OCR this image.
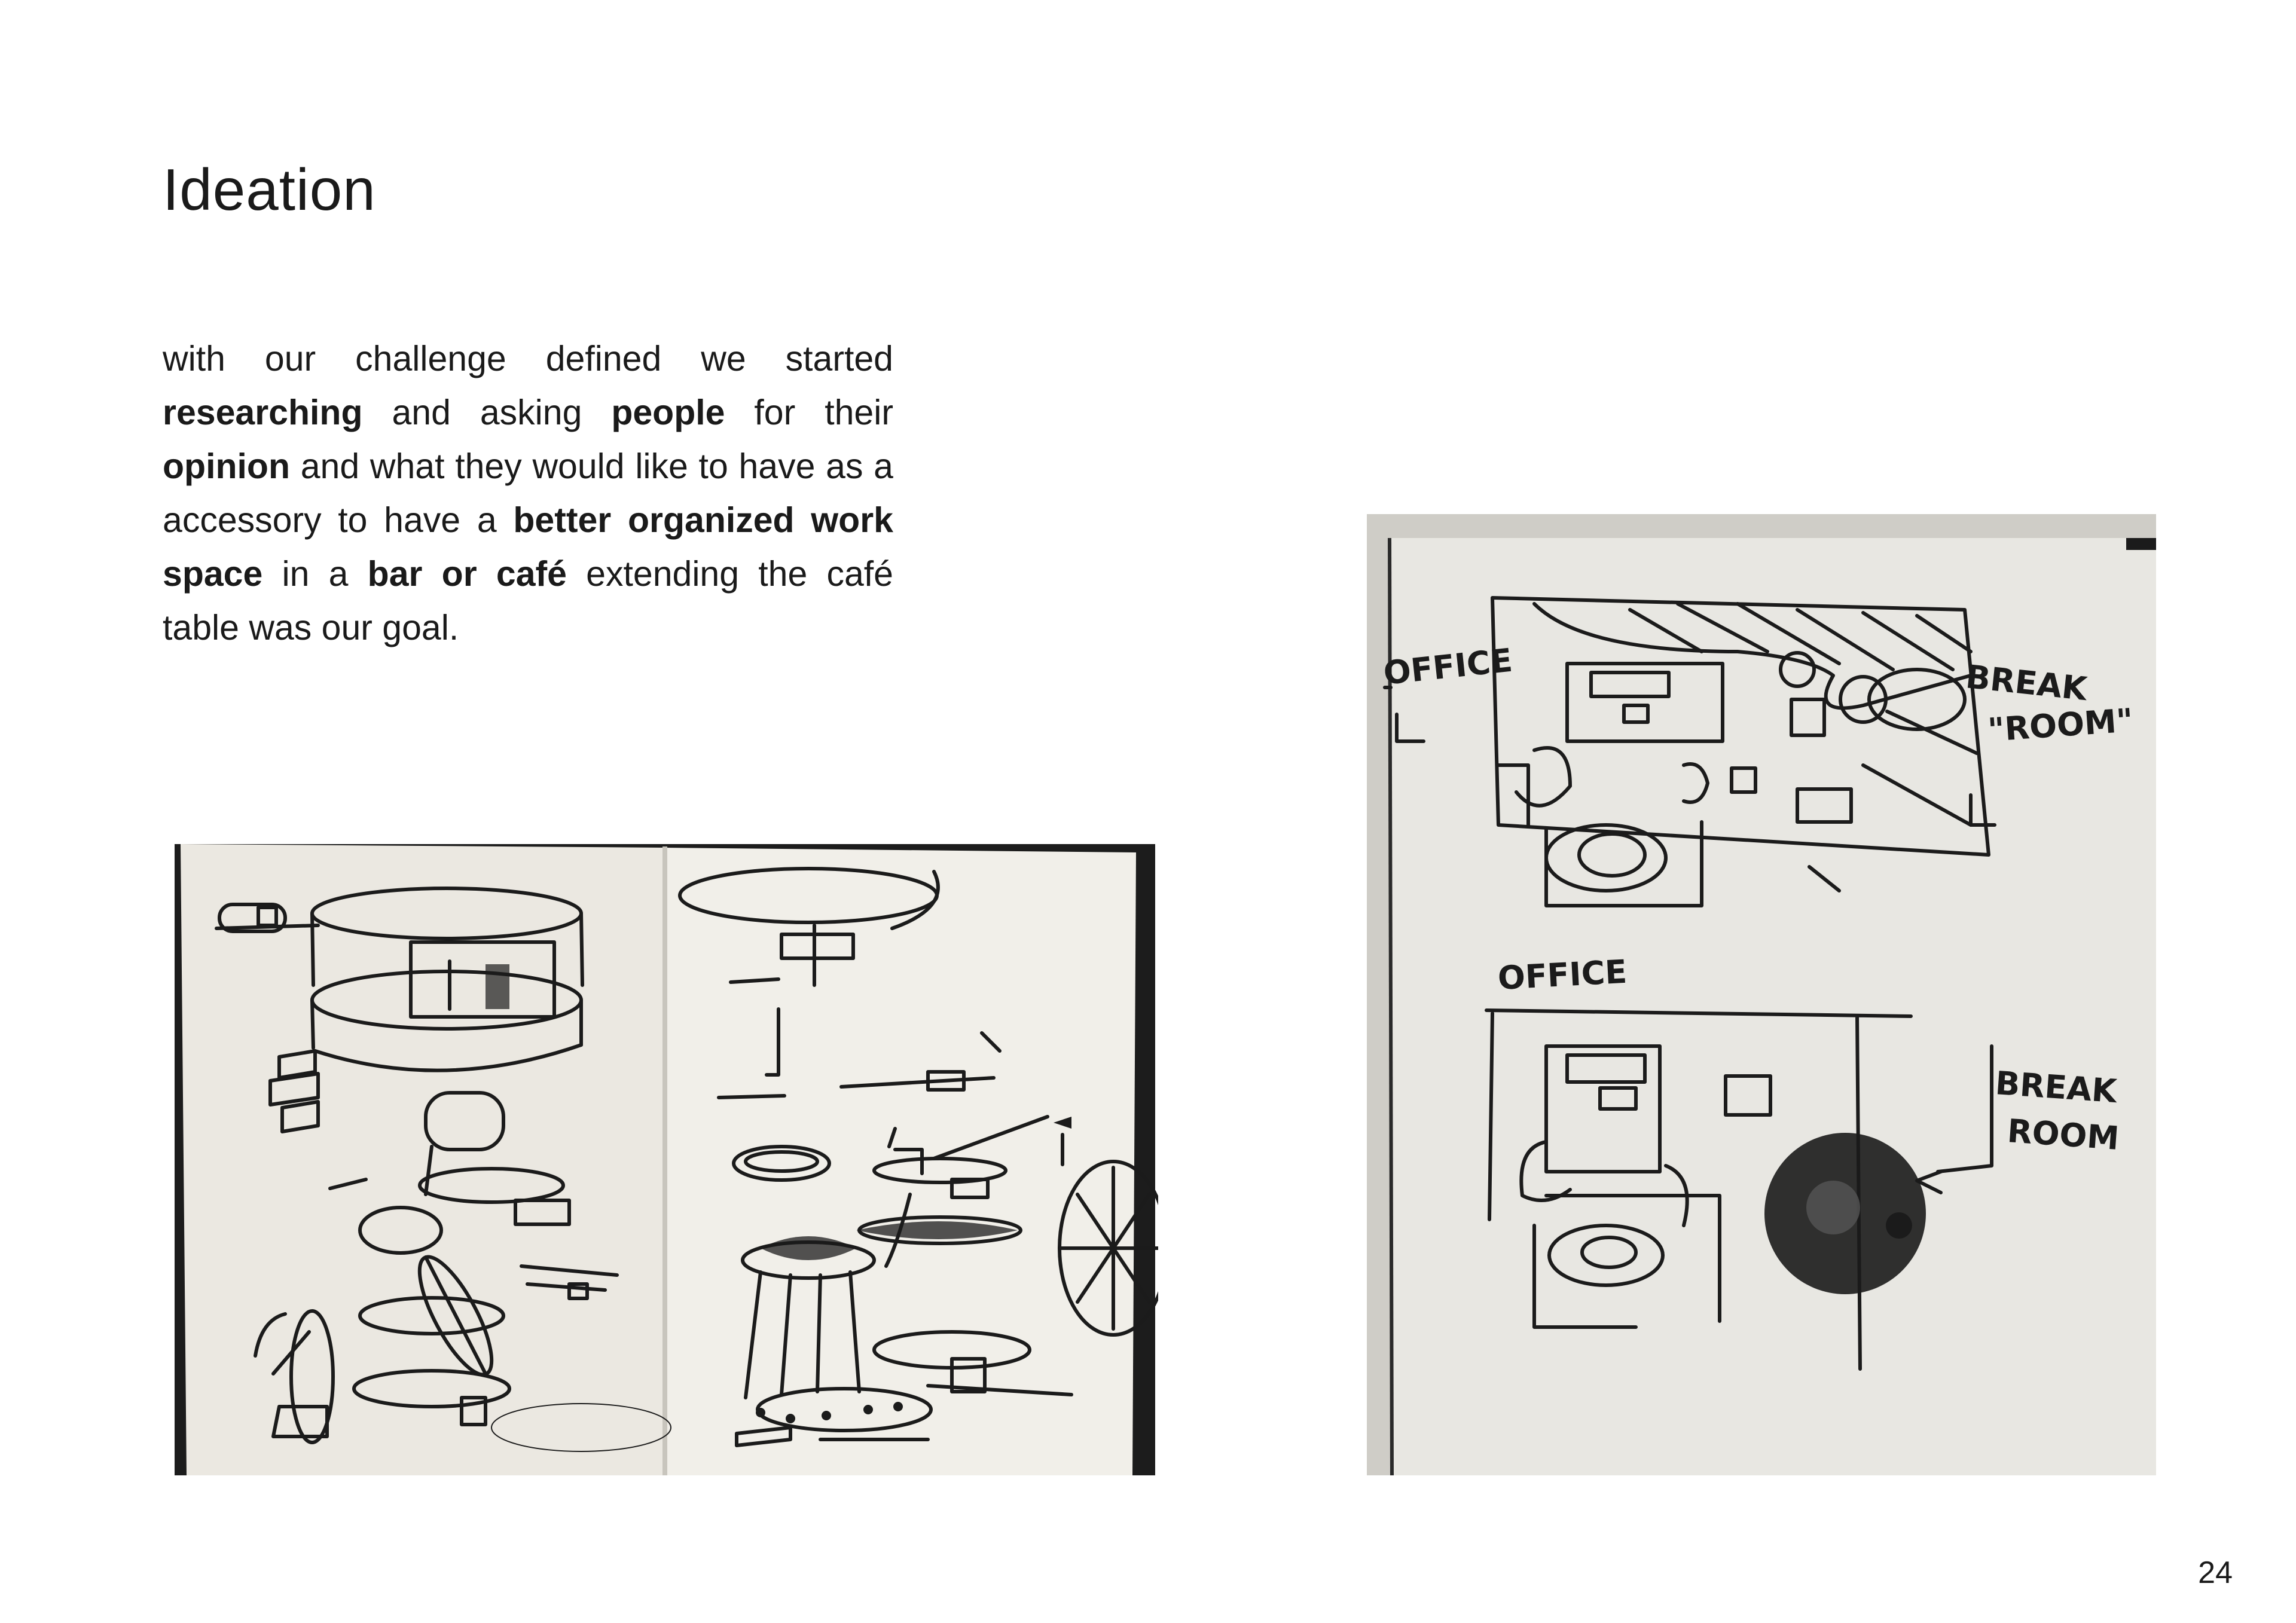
Ideation

with our challenge defined we started researching and asking people for their opinion and what they would like to have as a accessory to have a better organized work space in a bar or café extending the café table was our goal.

OFFICE	BREAK
"ROOM"
OFFICE
BREAK
ROOM
24
